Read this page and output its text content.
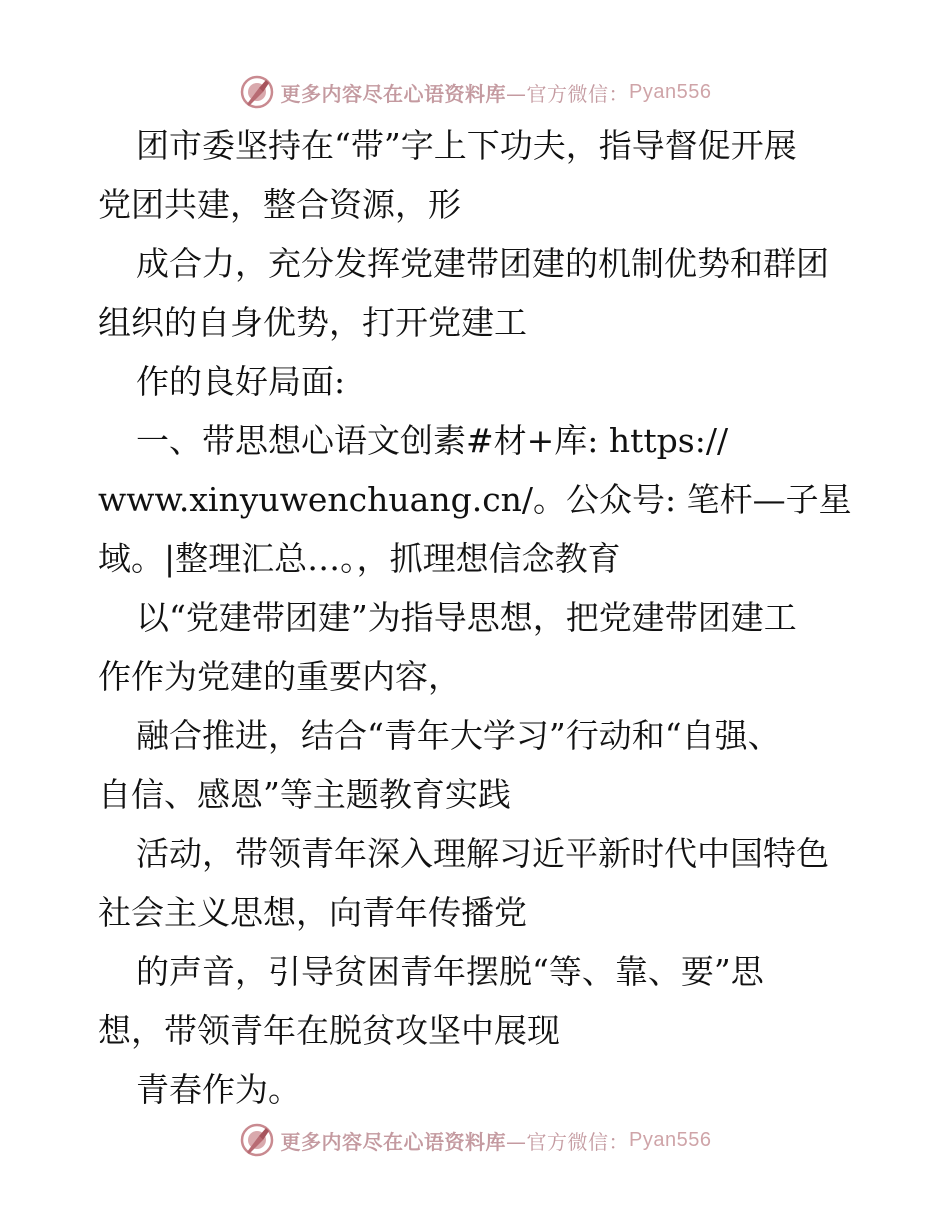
更多内容尽在心语资料库 —官方微信： Pyan556

团市委坚持在“带”字上下功夫，指导督促开展

党团共建，整合资源，形

成合力，充分发挥党建带团建的机制优势和群团

组织的自身优势，打开党建工

作的良好局面:

一、带思想心语文创素#材+库: https://

www.xinyuwenchuang.cn/。公众号: 笔杆—子星

域。|整理汇总…。，抓理想信念教育

以“党建带团建”为指导思想，把党建带团建工

作作为党建的重要内容，

融合推进，结合“青年大学习”行动和“自强、

自信、感恩”等主题教育实践

活动，带领青年深入理解习近平新时代中国特色

社会主义思想，向青年传播党

的声音，引导贫困青年摆脱“等、靠、要”思

想，带领青年在脱贫攻坚中展现

青春作为。

更多内容尽在心语资料库 —官方微信： Pyan556
